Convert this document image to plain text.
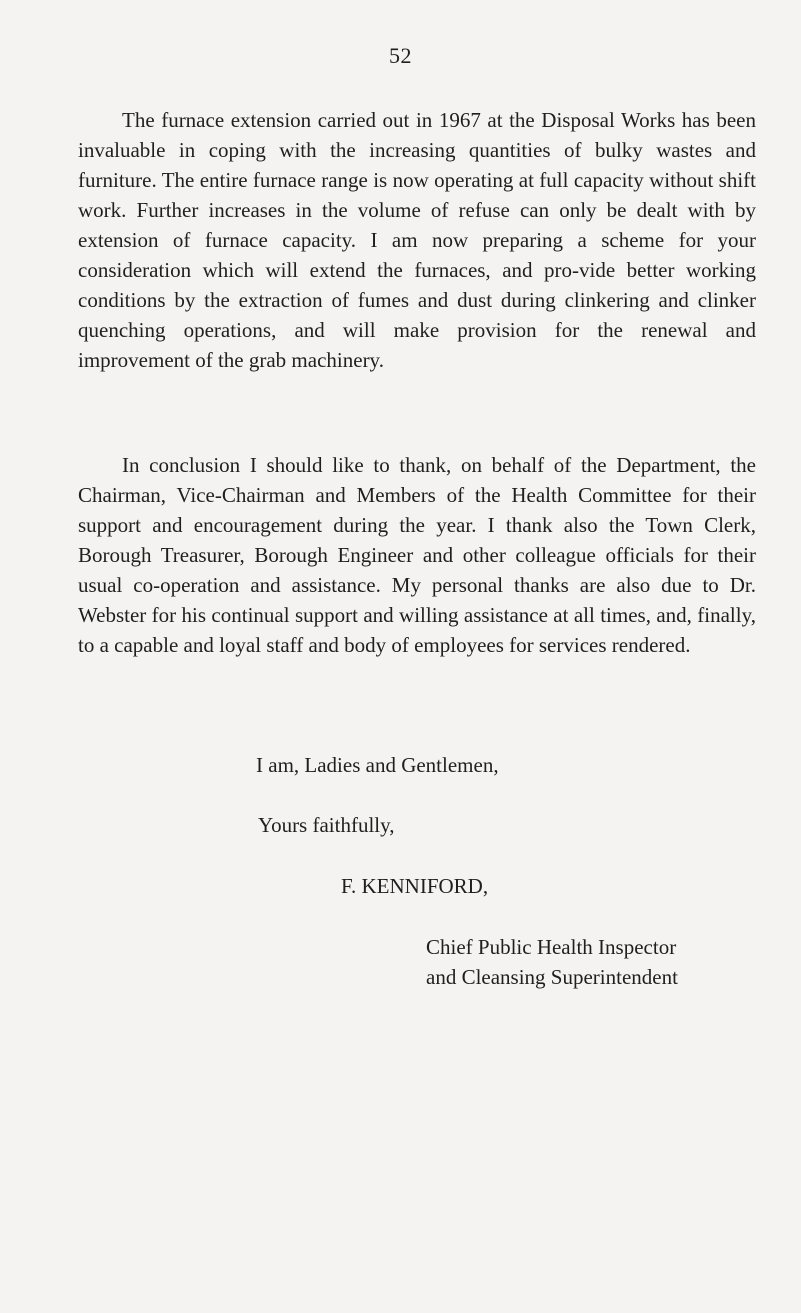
52

The furnace extension carried out in 1967 at the Disposal Works has been invaluable in coping with the increasing quantities of bulky wastes and furniture. The entire furnace range is now operating at full capacity without shift work. Further increases in the volume of refuse can only be dealt with by extension of furnace capacity. I am now preparing a scheme for your consideration which will extend the furnaces, and pro-vide better working conditions by the extraction of fumes and dust during clinkering and clinker quenching operations, and will make provision for the renewal and improvement of the grab machinery.

In conclusion I should like to thank, on behalf of the Department, the Chairman, Vice-Chairman and Members of the Health Committee for their support and encouragement during the year. I thank also the Town Clerk, Borough Treasurer, Borough Engineer and other colleague officials for their usual co-operation and assistance. My personal thanks are also due to Dr. Webster for his continual support and willing assistance at all times, and, finally, to a capable and loyal staff and body of employees for services rendered.

I am, Ladies and Gentlemen,
Yours faithfully,
F. KENNIFORD,
Chief Public Health Inspector
and Cleansing Superintendent
